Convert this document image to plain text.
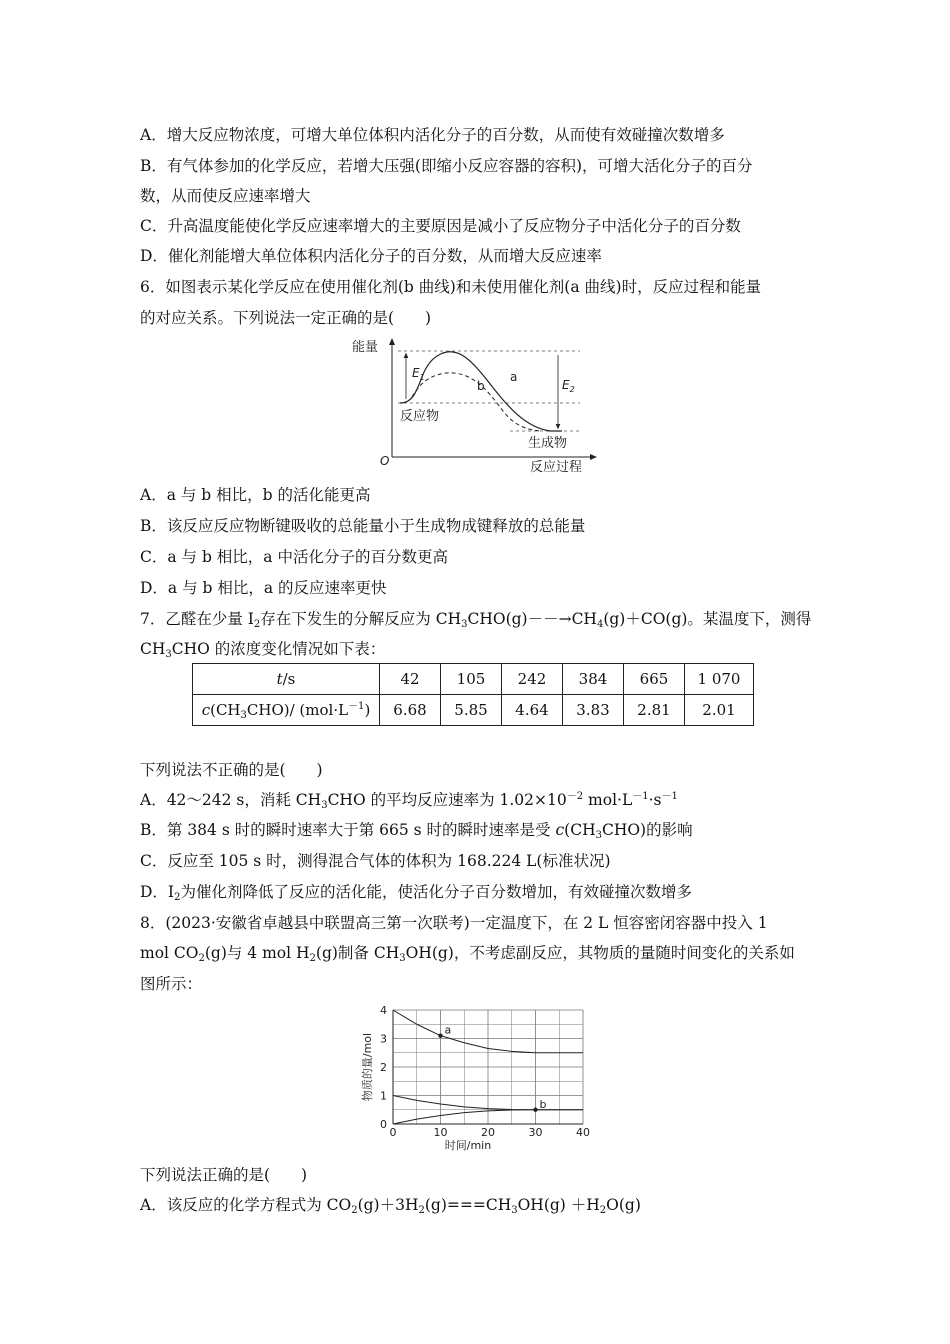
A．增大反应物浓度，可增大单位体积内活化分子的百分数，从而使有效碰撞次数增多
B．有气体参加的化学反应，若增大压强(即缩小反应容器的容积)，可增大活化分子的百分
数，从而使反应速率增大
C．升高温度能使化学反应速率增大的主要原因是减小了反应物分子中活化分子的百分数
D．催化剂能增大单位体积内活化分子的百分数，从而增大反应速率
6．如图表示某化学反应在使用催化剂(b 曲线)和未使用催化剂(a 曲线)时，反应过程和能量
的对应关系。下列说法一定正确的是(　　)
能量
O	反应过程
$E_1$
$E_2$
b
a
反应物
生成物
A．a 与 b 相比，b 的活化能更高
B．该反应反应物断键吸收的总能量小于生成物成键释放的总能量
C．a 与 b 相比，a 中活化分子的百分数更高
D．a 与 b 相比，a 的反应速率更快
7．乙醛在少量 $I_2$存在下发生的分解反应为 $CH_3CHO(g)--\to CH_4(g)+CO(g)$。某温度下，测得
$CH_3CHO$ 的浓度变化情况如下表：
t/s	42	105	242	384	665	1 070
$c(CH_3CHO)/$ $(mol\cdot L^{-1})$	6.68	5.85	4.64	3.83	2.81	2.01
下列说法不正确的是(　　)
A．42～242 s，消耗 $CH_3CHO$ 的平均反应速率为 $1.02\times 10^{-2}$ $mol\cdot L^{-1}\cdot s^{-1}$
B．第 384 s 时的瞬时速率大于第 665 s 时的瞬时速率是受 $c(CH_3CHO)$的影响
C．反应至 105 s 时，测得混合气体的体积为 168.224 L(标准状况)
D．$I_2$为催化剂降低了反应的活化能，使活化分子百分数增加，有效碰撞次数增多
8．(2023·安徽省卓越县中联盟高三第一次联考)一定温度下，在 2 L 恒容密闭容器中投入 1
mol $CO_2(g)$与 4 mol $H_2(g)$制备 $CH_3OH(g)$，不考虑副反应，其物质的量随时间变化的关系如
图所示：
0	10	20	30	40
0
1
2
3
4
时间/min
物质的量/mol
a
b
下列说法正确的是(　　)
A．该反应的化学方程式为 $CO_2(g)+3H_2(g)===CH_3OH(g) +H_2O(g)$
